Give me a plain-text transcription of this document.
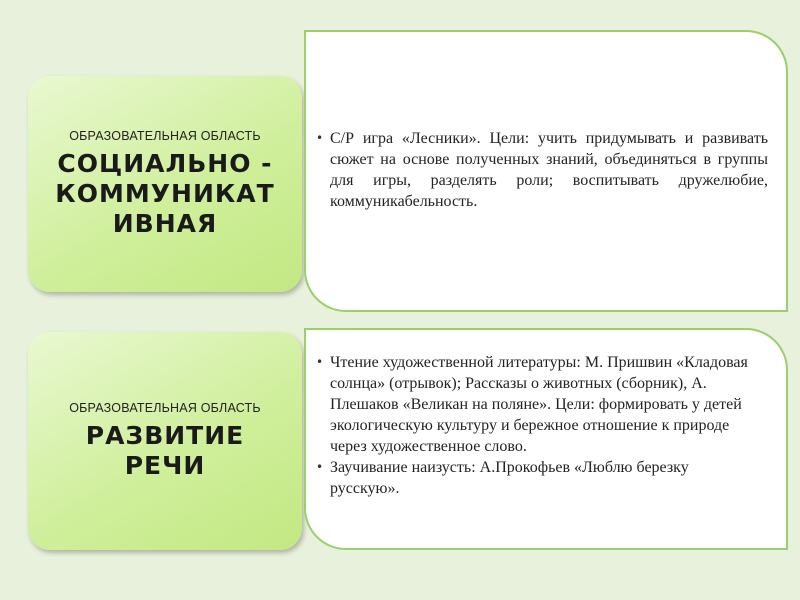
ОБРАЗОВАТЕЛЬНАЯ ОБЛАСТЬ
СОЦИАЛЬНО -
КОММУНИКАТ
ИВНАЯ
• С/Р игра «Лесники». Цели: учить придумывать и развивать сюжет на основе полученных знаний, объединяться в группы для игры, разделять роли; воспитывать дружелюбие, коммуникабельность.
ОБРАЗОВАТЕЛЬНАЯ ОБЛАСТЬ
РАЗВИТИЕ
РЕЧИ
• Чтение художественной литературы: М. Пришвин «Кладовая солнца» (отрывок); Рассказы о животных (сборник), А. Плешаков «Великан на поляне». Цели: формировать у детей экологическую культуру и бережное отношение к природе через художественное слово.
• Заучивание наизусть: А.Прокофьев «Люблю березку русскую».
